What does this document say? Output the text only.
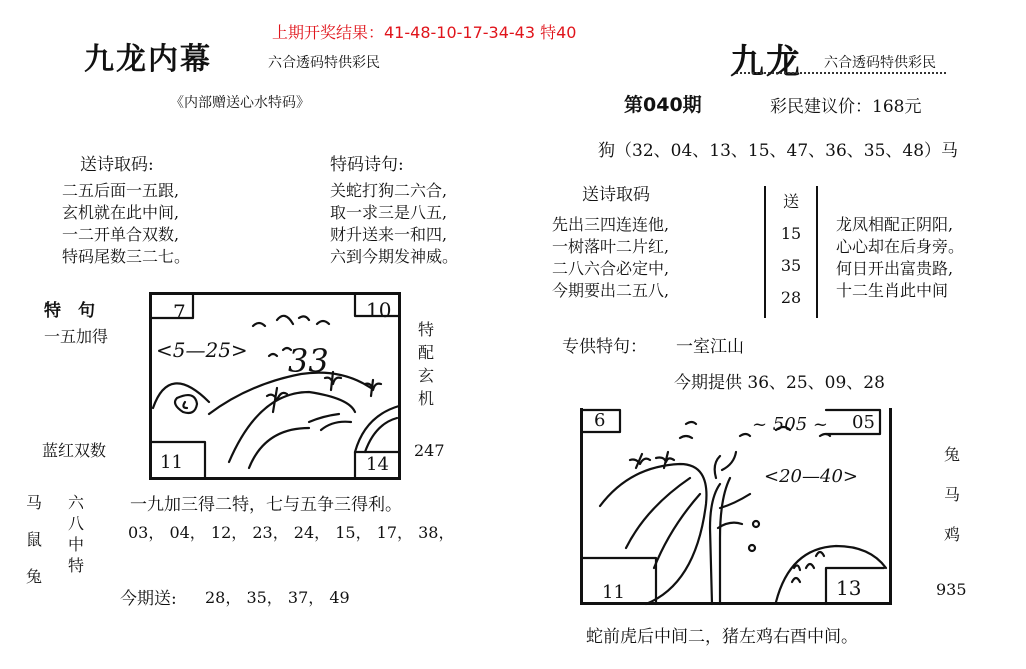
上期开奖结果：41-48-10-17-34-43 特40
九龙内幕	六合透码特供彩民
《内部赠送心水特码》
送诗取码:
二五后面一五跟,
玄机就在此中间,
一二开单合双数,
特码尾数三二七。
特码诗句:
关蛇打狗二六合,
取一求三是八五,
财升送来一和四,
六到今期发神威。
特　句
一五加得
蓝红双数
7	10
11	14
<5—25> 33
特配玄机
247
马
鼠
兔
六八中特
一九加三得二特，七与五争三得利。
03， 04， 12， 23， 24， 15， 17， 38，
今期送: 28， 35， 37， 49
九龙 六合透码特供彩民
第040期	彩民建议价：168元
狗（32、04、13、15、47、36、35、48）马
送诗取码
先出三四连连他,
一树落叶二片红,
二八六合必定中,
今期要出二五八,
送
15
35
28
龙凤相配正阴阳,
心心却在后身旁。
何日开出富贵路,
十二生肖此中间
专供特句： 一室江山
今期提供 36、25、09、28
6	05
11	13
~ 505 ~
<20—40>
兔
马
鸡
935
蛇前虎后中间二，猪左鸡右酉中间。
